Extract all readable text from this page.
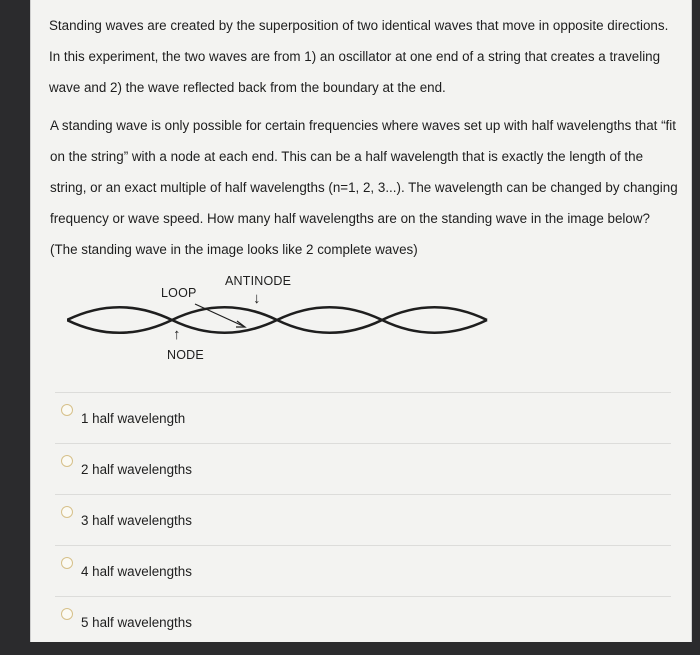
Standing waves are created by the superposition of two identical waves that move in opposite directions. In this experiment, the two waves are from 1) an oscillator at one end of a string that creates a traveling wave and 2) the wave reflected back from the boundary at the end.

A standing wave is only possible for certain frequencies where waves set up with half wavelengths that “fit on the string” with a node at each end. This can be a half wavelength that is exactly the length of the string, or an exact multiple of half wavelengths (n=1, 2, 3...). The wavelength can be changed by changing frequency or wave speed. How many half wavelengths are on the standing wave in the image below? (The standing wave in the image looks like 2 complete waves)

LOOP
ANTINODE
↓
↑
NODE
1 half wavelength
2 half wavelengths
3 half wavelengths
4 half wavelengths
5 half wavelengths
